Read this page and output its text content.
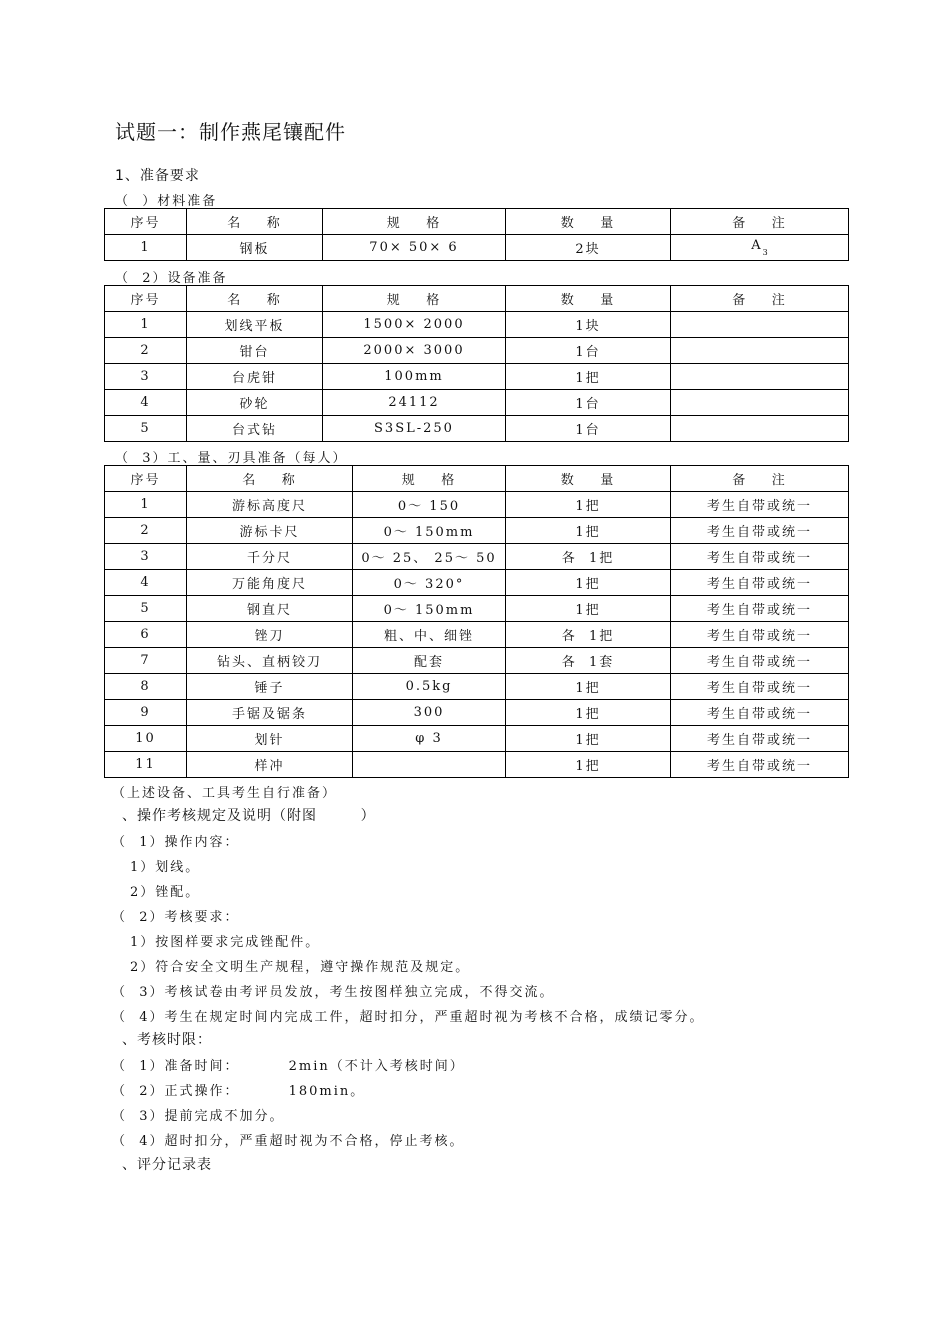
试题一：制作燕尾镶配件
1、准备要求
（  ）材料准备
序号	名    称	规    格	数    量	备    注
1	钢板	70× 50× 6	2块	$A_3$
（  2）设备准备
序号	名    称	规    格	数    量	备    注
1	划线平板	1500× 2000	1块	
2	钳台	2000× 3000	1台	
3	台虎钳	100mm	1把	
4	砂轮	24112	1台	
5	台式钻	S3SL-250	1台	
（  3）工、量、刃具准备（每人）
序号	名    称	规    格	数    量	备    注
1	游标高度尺	0～ 150	1把	考生自带或统一
2	游标卡尺	0～ 150mm	1把	考生自带或统一
3	千分尺	0～ 25、 25～ 50	各  1把	考生自带或统一
4	万能角度尺	0～ 320°	1把	考生自带或统一
5	钢直尺	0～ 150mm	1把	考生自带或统一
6	锉刀	粗、中、细锉	各  1把	考生自带或统一
7	钻头、直柄铰刀	配套	各  1套	考生自带或统一
8	锤子	0.5kg	1把	考生自带或统一
9	手锯及锯条	300	1把	考生自带或统一
10	划针	φ 3	1把	考生自带或统一
11	样冲		1把	考生自带或统一
（上述设备、工具考生自行准备）
、操作考核规定及说明（附图        ）
（  1）操作内容：
1）划线。
2）锉配。
（  2）考核要求：
1）按图样要求完成锉配件。
2）符合安全文明生产规程，遵守操作规范及规定。
（  3）考核试卷由考评员发放，考生按图样独立完成，不得交流。
（  4）考生在规定时间内完成工件，超时扣分，严重超时视为考核不合格，成绩记零分。
、考核时限：
（  1）准备时间：        2min（不计入考核时间）
（  2）正式操作：        180min。
（  3）提前完成不加分。
（  4）超时扣分，严重超时视为不合格，停止考核。
、评分记录表
